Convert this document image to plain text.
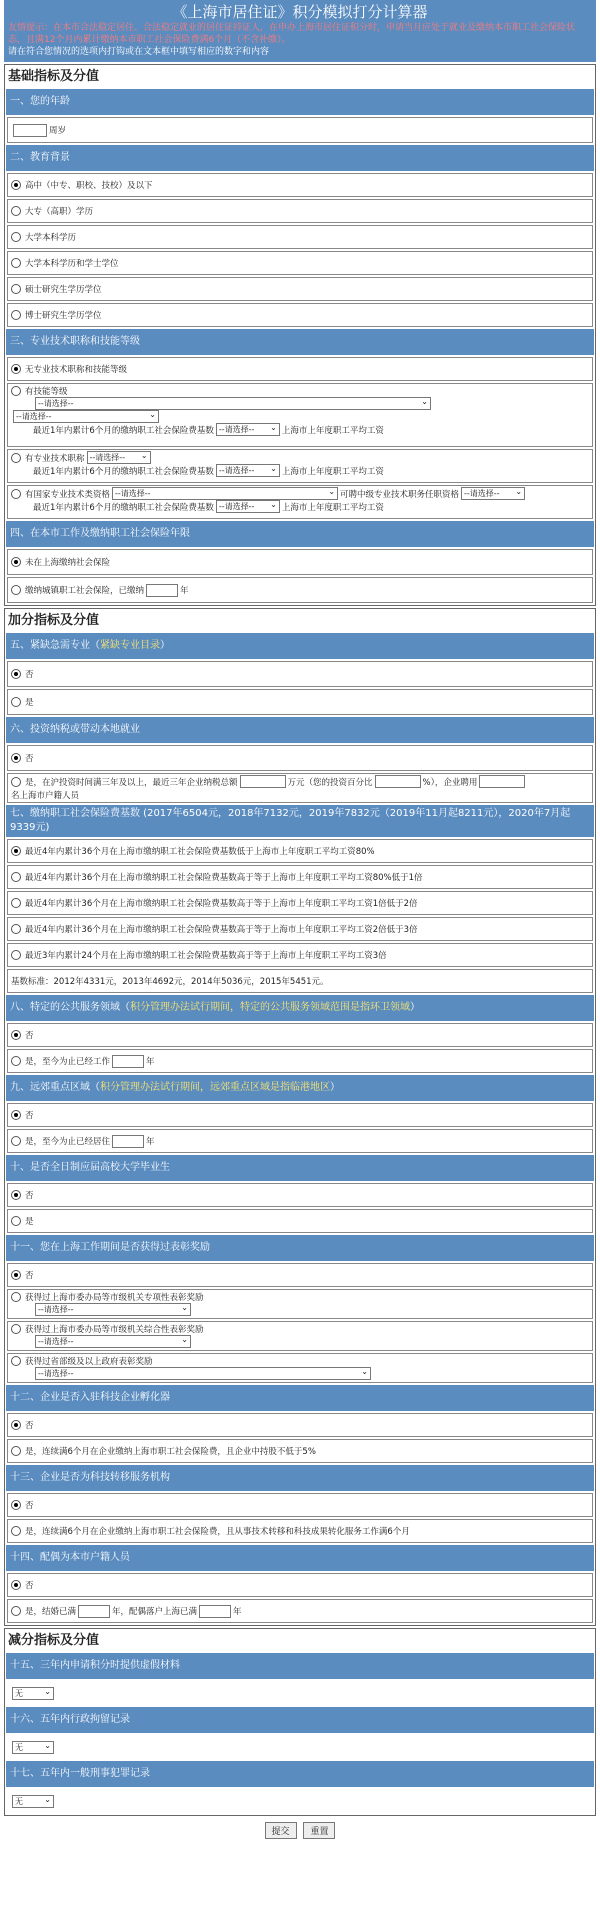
《上海市居住证》积分模拟打分计算器
友情提示：在本市合法稳定居住、合法稳定就业的居住证持证人，在申办上海市居住证积分时，申请当月应处于就业及缴纳本市职工社会保险状态，且满12个月内累计缴纳本市职工社会保险费满6个月（不含补缴）。
请在符合您情况的选项内打钩或在文本框中填写相应的数字和内容
基础指标及分值
一、您的年龄
周岁
二、教育背景
高中（中专、职校、技校）及以下
大专（高职）学历
大学本科学历
大学本科学历和学士学位
硕士研究生学历学位
博士研究生学历学位
三、专业技术职称和技能等级
无专业技术职称和技能等级
有技能等级
--请选择-- ⌄
--请选择-- ⌄
最近1年内累计6个月的缴纳职工社会保险费基数 --请选择-- ⌄	上海市上年度职工平均工资
有专业技术职称 --请选择-- ⌄
最近1年内累计6个月的缴纳职工社会保险费基数 --请选择-- ⌄	上海市上年度职工平均工资
有国家专业技术类资格 --请选择-- ⌄	可聘中级专业技术职务任职资格 --请选择-- ⌄
最近1年内累计6个月的缴纳职工社会保险费基数 --请选择-- ⌄	上海市上年度职工平均工资
四、在本市工作及缴纳职工社会保险年限
未在上海缴纳社会保险
缴纳城镇职工社会保险，已缴纳	年
加分指标及分值
五、紧缺急需专业（紧缺专业目录）
否
是
六、投资纳税或带动本地就业
否
是，在沪投资时间满三年及以上，最近三年企业纳税总额	万元（您的投资百分比	%），企业聘用
名上海市户籍人员
七、缴纳职工社会保险费基数 (2017年6504元，2018年7132元，2019年7832元（2019年11月起8211元），2020年7月起9339元)
最近4年内累计36个月在上海市缴纳职工社会保险费基数低于上海市上年度职工平均工资80%
最近4年内累计36个月在上海市缴纳职工社会保险费基数高于等于上海市上年度职工平均工资80%低于1倍
最近4年内累计36个月在上海市缴纳职工社会保险费基数高于等于上海市上年度职工平均工资1倍低于2倍
最近4年内累计36个月在上海市缴纳职工社会保险费基数高于等于上海市上年度职工平均工资2倍低于3倍
最近3年内累计24个月在上海市缴纳职工社会保险费基数高于等于上海市上年度职工平均工资3倍
基数标准：2012年4331元，2013年4692元，2014年5036元，2015年5451元。
八、特定的公共服务领域（积分管理办法试行期间，特定的公共服务领域范围是指环卫领域）
否
是，至今为止已经工作	年
九、远郊重点区域（积分管理办法试行期间，远郊重点区域是指临港地区）
否
是，至今为止已经居住	年
十、是否全日制应届高校大学毕业生
否
是
十一、您在上海工作期间是否获得过表彰奖励
否
获得过上海市委办局等市级机关专项性表彰奖励
--请选择-- ⌄
获得过上海市委办局等市级机关综合性表彰奖励
--请选择-- ⌄
获得过省部级及以上政府表彰奖励
--请选择-- ⌄
十二、企业是否入驻科技企业孵化器
否
是，连续满6个月在企业缴纳上海市职工社会保险费，且企业中持股不低于5%
十三、企业是否为科技转移服务机构
否
是，连续满6个月在企业缴纳上海市职工社会保险费，且从事技术转移和科技成果转化服务工作满6个月
十四、配偶为本市户籍人员
否
是，结婚已满	年，配偶落户上海已满	年
减分指标及分值
十五、三年内申请积分时提供虚假材料
无 ⌄
十六、五年内行政拘留记录
无 ⌄
十七、五年内一般刑事犯罪记录
无 ⌄
提交 重置
